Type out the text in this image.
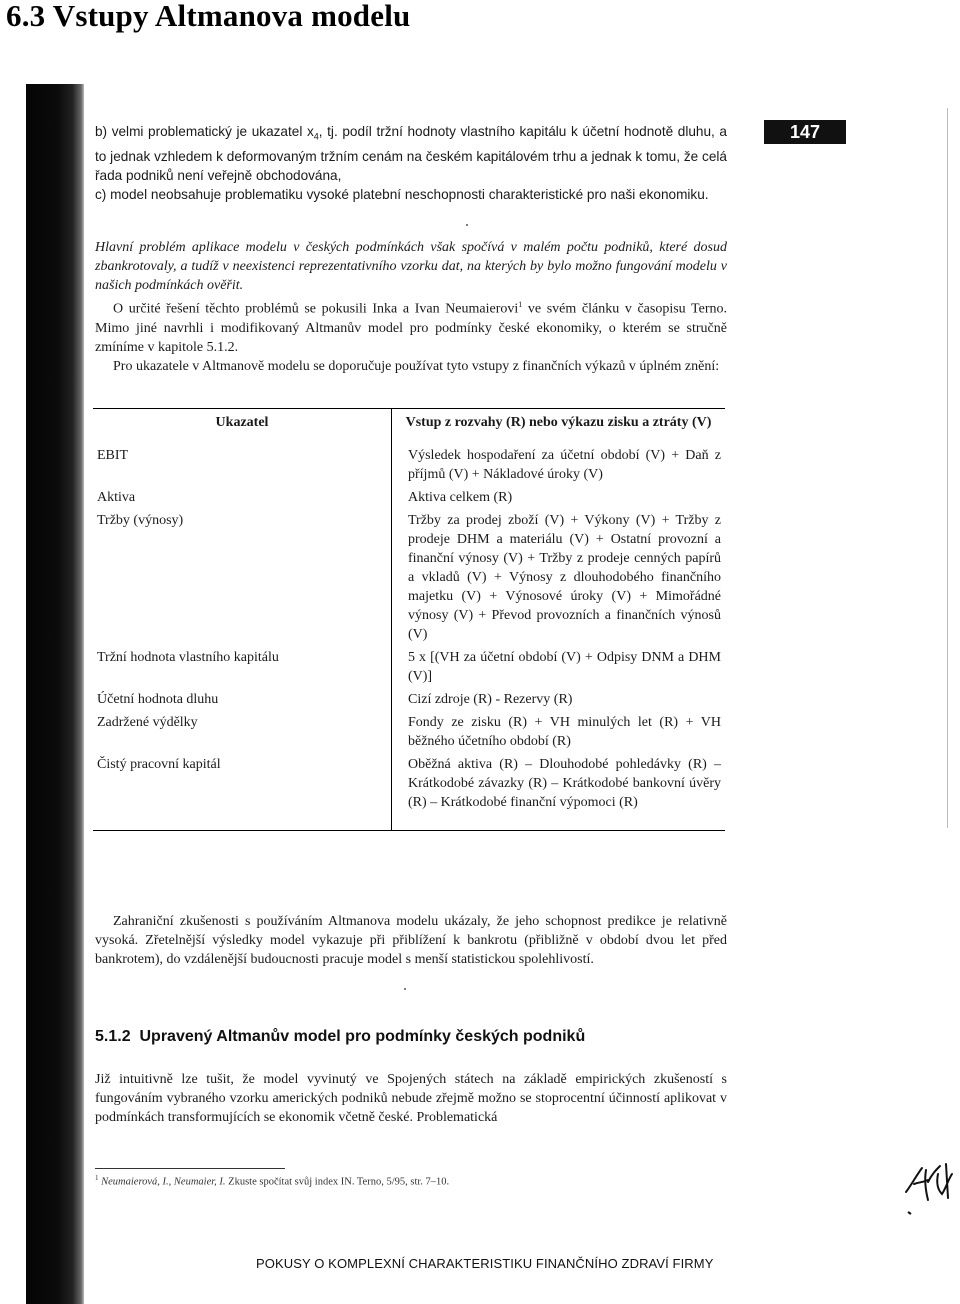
6.3 Vstupy Altmanova modelu
147

b) velmi problematický je ukazatel $x_4$, tj. podíl tržní hodnoty vlastního kapitálu k účetní hodnotě dluhu, a to jednak vzhledem k deformovaným tržním cenám na českém kapitálovém trhu a jednak k tomu, že celá řada podniků není veřejně obchodována,

c) model neobsahuje problematiku vysoké platební neschopnosti charakteristické pro naši ekonomiku.

Hlavní problém aplikace modelu v českých podmínkách však spočívá v malém počtu podniků, které dosud zbankrotovaly, a tudíž v neexistenci reprezentativního vzorku dat, na kterých by bylo možno fungování modelu v našich podmínkách ověřit.

O určité řešení těchto problémů se pokusili Inka a Ivan Neumaierovi$^1$ ve svém článku v časopisu Terno. Mimo jiné navrhli i modifikovaný Altmanův model pro podmínky české ekonomiky, o kterém se stručně zmíníme v kapitole 5.1.2.

Pro ukazatele v Altmanově modelu se doporučuje používat tyto vstupy z finančních výkazů v úplném znění:

Ukazatel	Vstup z rozvahy (R) nebo výkazu zisku a ztráty (V)
EBIT	Výsledek hospodaření za účetní období (V) + Daň z příjmů (V) + Nákladové úroky (V)
Aktiva	Aktiva celkem (R)
Tržby (výnosy)	Tržby za prodej zboží (V) + Výkony (V) + Tržby z prodeje DHM a materiálu (V) + Ostatní provozní a finanční výnosy (V) + Tržby z prodeje cenných papírů a vkladů (V) + Výnosy z dlouhodobého finančního majetku (V) + Výnosové úroky (V) + Mimořádné výnosy (V) + Převod provozních a finančních výnosů (V)
Tržní hodnota vlastního kapitálu	5 x [(VH za účetní období (V) + Odpisy DNM a DHM (V)]
Účetní hodnota dluhu	Cizí zdroje (R) - Rezervy (R)
Zadržené výdělky	Fondy ze zisku (R) + VH minulých let (R) + VH běžného účetního období (R)
Čistý pracovní kapitál	Oběžná aktiva (R) – Dlouhodobé pohledávky (R) – Krátkodobé závazky (R) – Krátkodobé bankovní úvěry (R) – Krátkodobé finanční výpomoci (R)

Zahraniční zkušenosti s používáním Altmanova modelu ukázaly, že jeho schopnost predikce je relativně vysoká. Zřetelnější výsledky model vykazuje při přiblížení k bankrotu (přibližně v období dvou let před bankrotem), do vzdálenější budoucnosti pracuje model s menší statistickou spolehlivostí.

5.1.2 Upravený Altmanův model pro podmínky českých podniků

Již intuitivně lze tušit, že model vyvinutý ve Spojených státech na základě empirických zkušeností s fungováním vybraného vzorku amerických podniků nebude zřejmě možno se stoprocentní účinností aplikovat v podmínkách transformujících se ekonomik včetně české. Problematická

$^1$ Neumaierová, I., Neumaier, I. Zkuste spočítat svůj index IN. Terno, 5/95, str. 7–10.
POKUSY O KOMPLEXNÍ CHARAKTERISTIKU FINANČNÍHO ZDRAVÍ FIRMY
